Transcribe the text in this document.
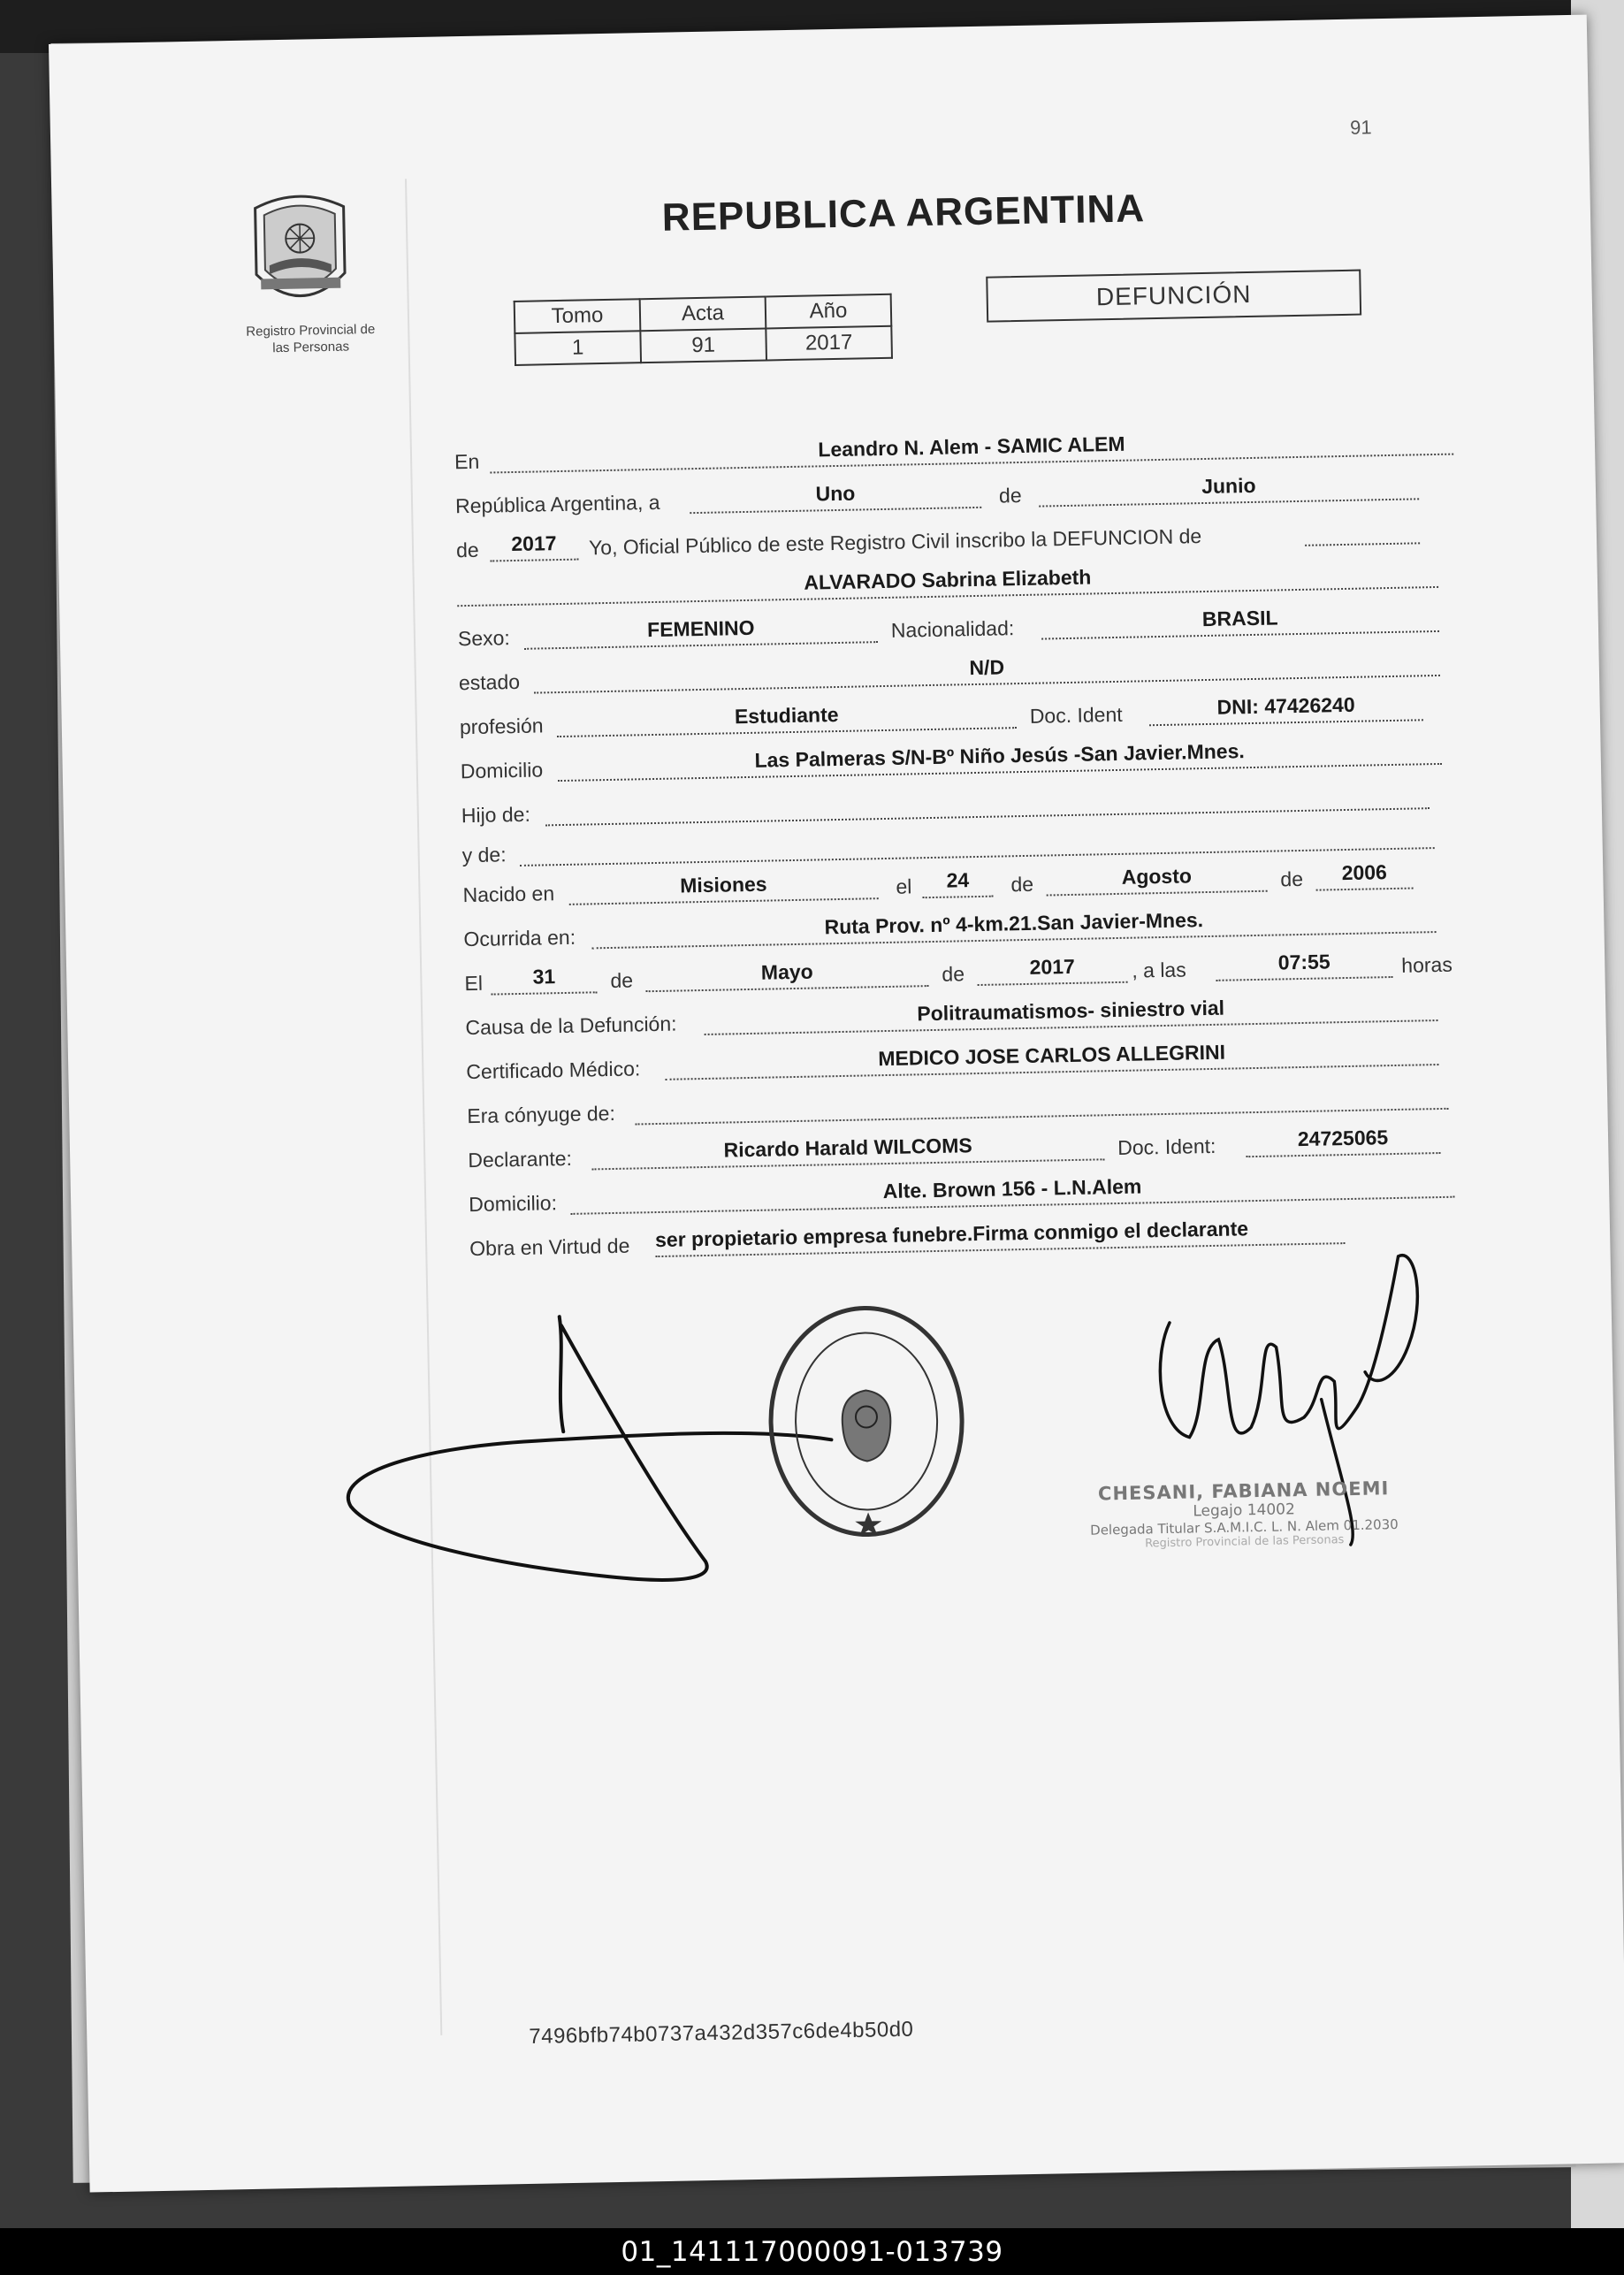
91
Registro Provincial de
las Personas
REPUBLICA ARGENTINA
Tomo	Acta	Año
1	91	2017
DEFUNCIÓN
En
Leandro N. Alem - SAMIC ALEM
República Argentina, a	Uno	de	Junio
de	2017	Yo, Oficial Público de este Registro Civil inscribo la DEFUNCION de
ALVARADO Sabrina Elizabeth
Sexo:	FEMENINO	Nacionalidad:	BRASIL
estado
N/D
profesión	Estudiante	Doc. Ident	DNI: 47426240
Domicilio	Las Palmeras S/N-Bº Niño Jesús -San Javier.Mnes.
Hijo de:
y de:
Nacido en	Misiones	el	24	de	Agosto	de	2006
Ocurrida en:	Ruta Prov. nº 4-km.21.San Javier-Mnes.
El	31	de	Mayo	de	2017	, a las	07:55	horas
Causa de la Defunción:
Politraumatismos- siniestro vial
Certificado Médico:
MEDICO JOSE CARLOS ALLEGRINI
Era cónyuge de:
Declarante:	Ricardo Harald WILCOMS	Doc. Ident:	24725065
Domicilio:
Alte. Brown 156 - L.N.Alem
Obra en Virtud de ser propietario empresa funebre.Firma conmigo el declarante
CHESANI, FABIANA NOEMI
Legajo 14002
Delegada Titular S.A.M.I.C. L. N. Alem 01.2030
Registro Provincial de las Personas
7496bfb74b0737a432d357c6de4b50d0
01_141117000091-013739
